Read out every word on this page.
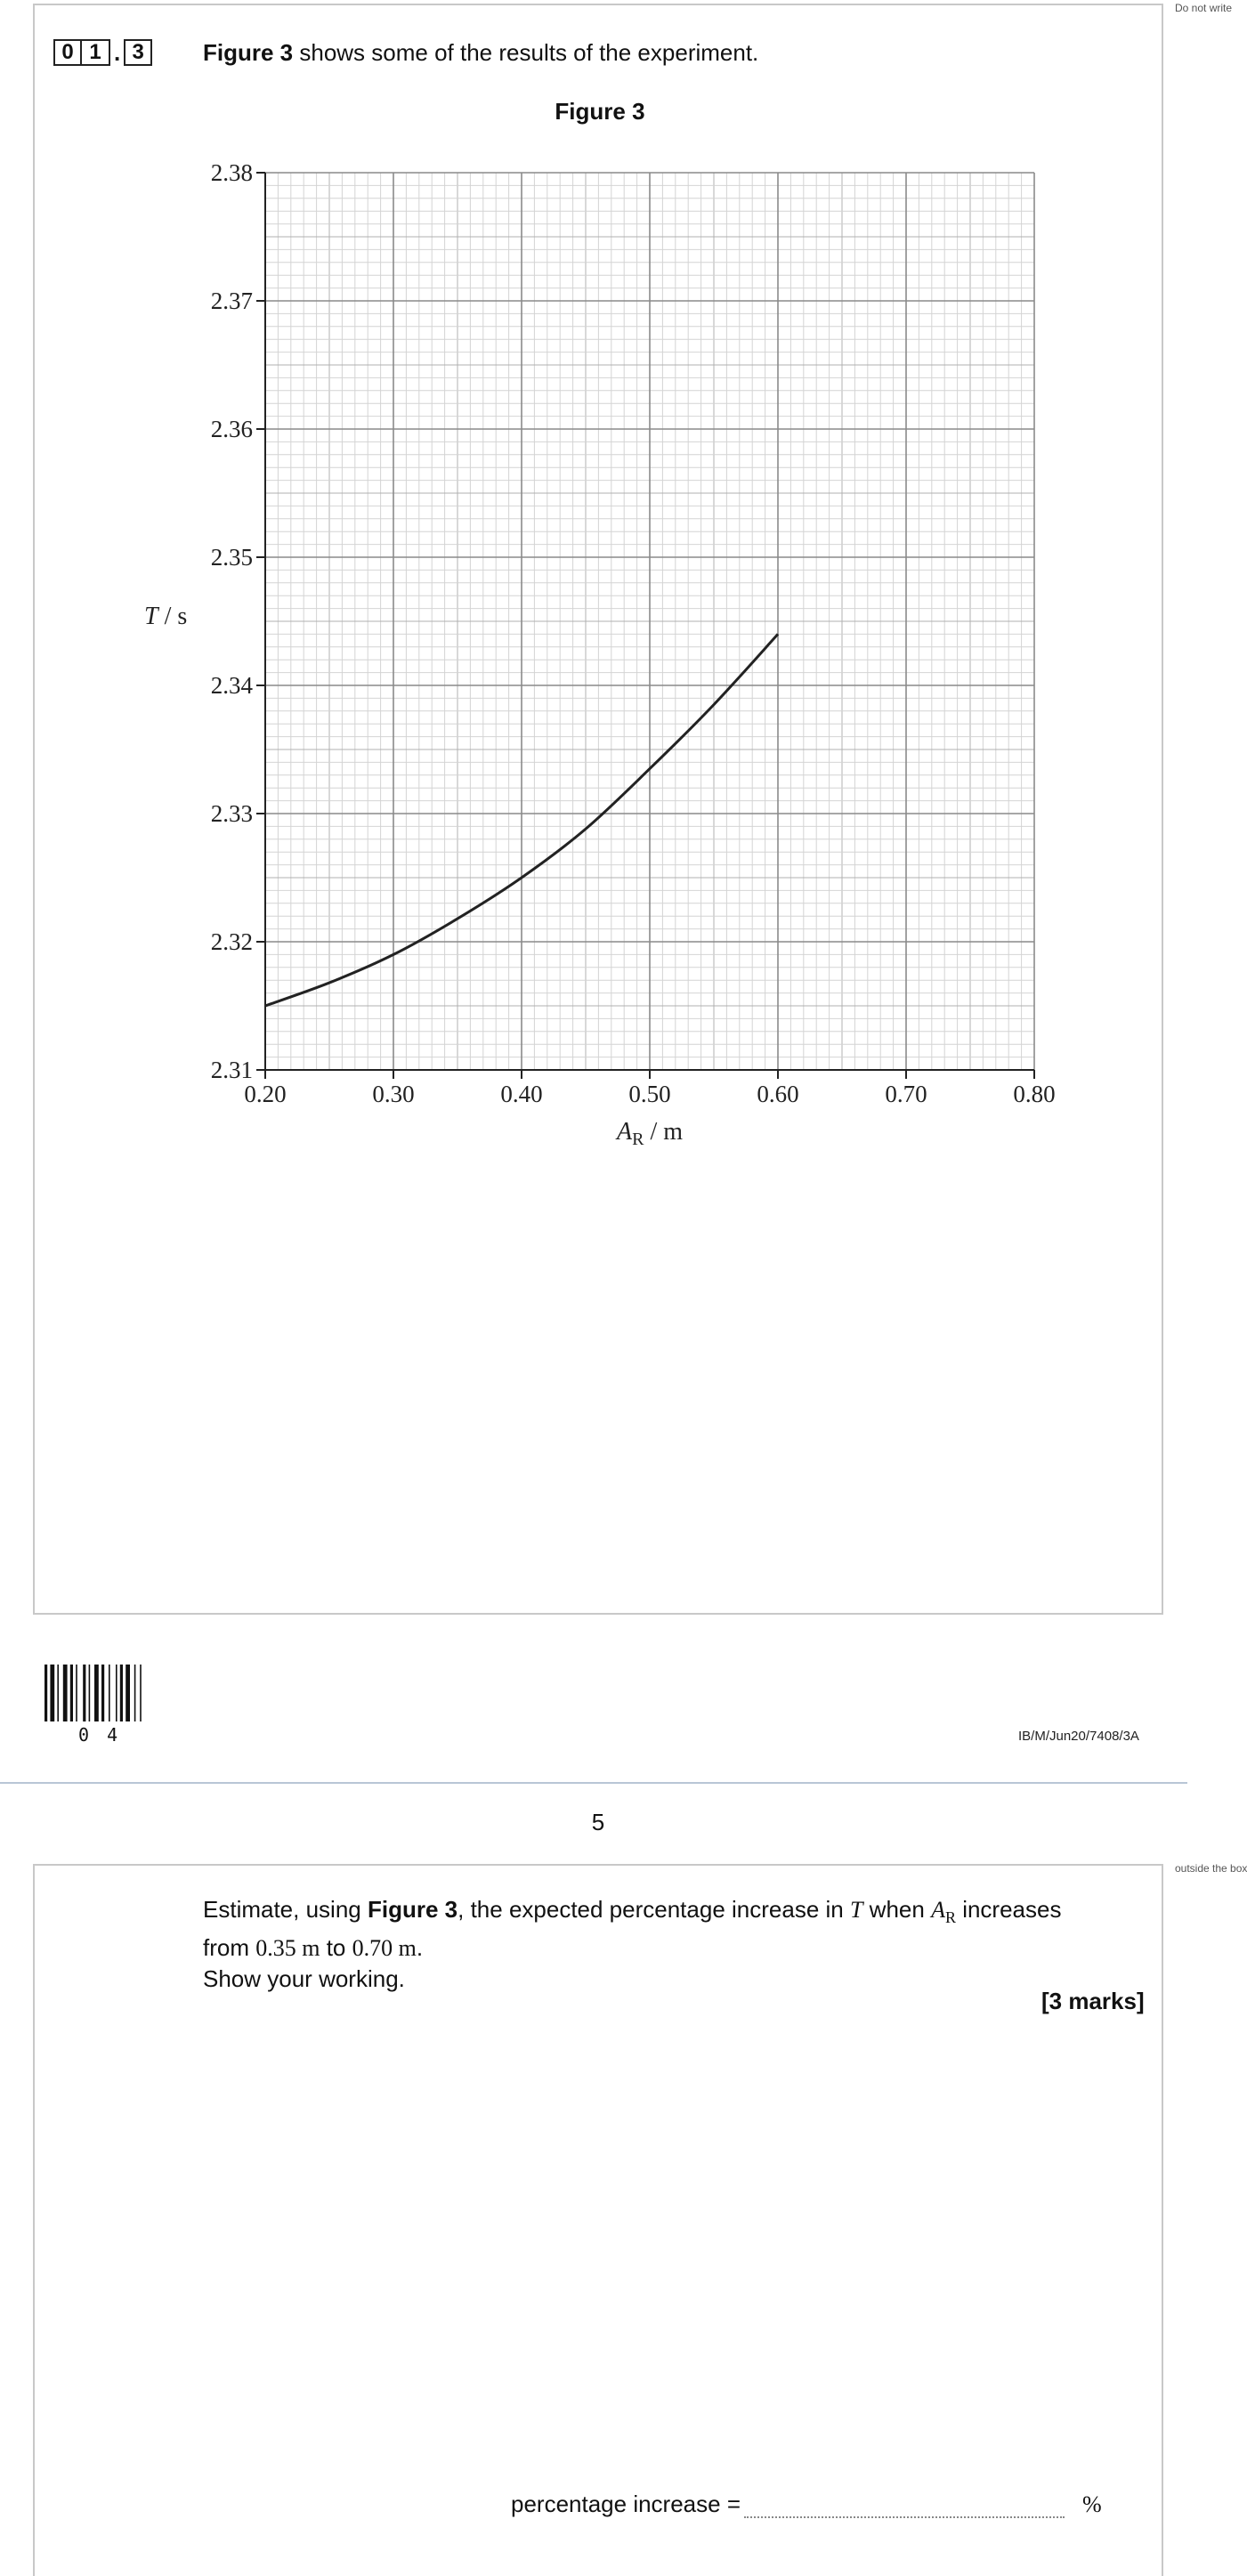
Do not write
0 1 . 3	Figure 3 shows some of the results of the experiment.
Figure 3
2.31
2.32
2.33
2.34
2.35
2.36
2.37
2.38
0.20	0.30	0.40	0.50	0.60	0.70	0.80
T / s
$A_R$ / m
0 4	IB/M/Jun20/7408/3A
5
outside the box
Estimate, using Figure 3, the expected percentage increase in T when $A_R$ increases
from 0.35 m to 0.70 m.
Show your working.
[3 marks]
percentage increase =	%
